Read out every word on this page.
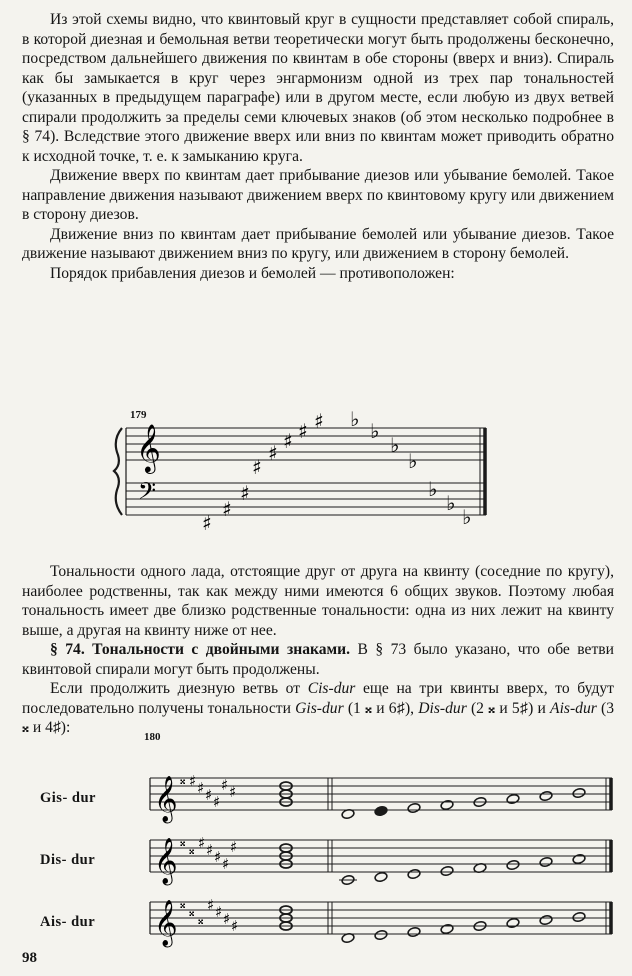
Из этой схемы видно, что квинтовый круг в сущности представляет собой спираль, в которой диезная и бемольная ветви теоретически могут быть продолжены бесконечно, посредством дальнейшего движения по квинтам в обе стороны (вверх и вниз). Спираль как бы замыкается в круг через энгармонизм одной из трех пар тональностей (указанных в предыдущем параграфе) или в другом месте, если любую из двух ветвей спирали продолжить за пределы семи ключевых знаков (об этом несколько подробнее в § 74). Вследствие этого движение вверх или вниз по квинтам может приводить обратно к исходной точке, т. е. к замыканию круга.

Движение вверх по квинтам дает прибывание диезов или убывание бемолей. Такое направление движения называют движением вверх по квинтовому кругу или движением в сторону диезов.

Движение вниз по квинтам дает прибывание бемолей или убывание диезов. Такое движение называют движением вниз по кругу, или движением в сторону бемолей.

Порядок прибавления диезов и бемолей — противоположен:

179
𝄞
𝄢
♯
♯ ♯ ♯ ♯
♯
♯
♯
♭ ♭
♭
♭
♭
♭
♭

Тональности одного лада, отстоящие друг от друга на квинту (соседние по кругу), наиболее родственны, так как между ними имеются 6 общих звуков. Поэтому любая тональность имеет две близко родственные тональности: одна из них лежит на квинту выше, а другая на квинту ниже от нее.

§ 74. Тональности с двойными знаками. В § 73 было указано, что обе ветви квинтовой спирали могут быть продолжены.

Если продолжить диезную ветвь от Cis-dur еще на три квинты вверх, то будут последовательно получены тональности Gis-dur (1 𝄪 и 6♯), Dis-dur (2 𝄪 и 5♯) и Ais-dur (3 𝄪 и 4♯):

180
Gis- dur
Dis- dur
Ais- dur
𝄞 𝄪 ♯ ♯ ♯ ♯
♯ ♯
𝄞 𝄪
𝄪 ♯ ♯ ♯ ♯
♯
𝄞 𝄪
𝄪
𝄪
♯ ♯ ♯ ♯
98
